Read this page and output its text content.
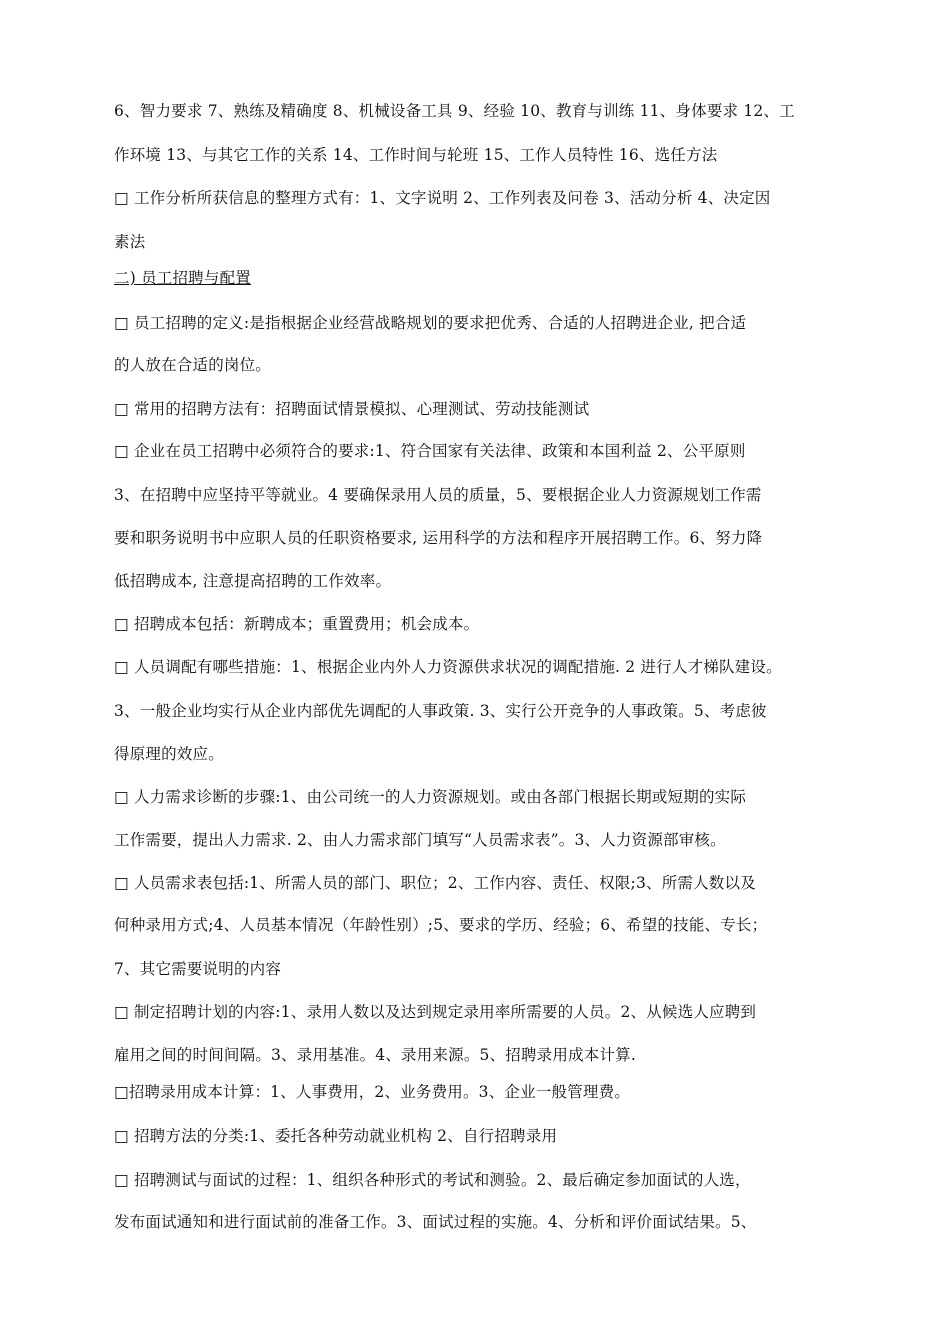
6、智力要求 7、熟练及精确度 8、机械设备工具 9、经验 10、教育与训练 11、身体要求 12、工
作环境 13、与其它工作的关系 14、工作时间与轮班 15、工作人员特性 16、选任方法
□ 工作分析所获信息的整理方式有：1、文字说明 2、工作列表及问卷 3、活动分析 4、决定因
素法
二) 员工招聘与配置
□ 员工招聘的定义:是指根据企业经营战略规划的要求把优秀、合适的人招聘进企业, 把合适
的人放在合适的岗位。
□ 常用的招聘方法有：招聘面试情景模拟、心理测试、劳动技能测试
□ 企业在员工招聘中必须符合的要求:1、符合国家有关法律、政策和本国利益 2、公平原则
3、在招聘中应坚持平等就业。4 要确保录用人员的质量，5、要根据企业人力资源规划工作需
要和职务说明书中应职人员的任职资格要求, 运用科学的方法和程序开展招聘工作。6、努力降
低招聘成本, 注意提高招聘的工作效率。
□ 招聘成本包括：新聘成本；重置费用；机会成本。
□ 人员调配有哪些措施：1、根据企业内外人力资源供求状况的调配措施. 2 进行人才梯队建设。
3、一般企业均实行从企业内部优先调配的人事政策. 3、实行公开竞争的人事政策。5、考虑彼
得原理的效应。
□ 人力需求诊断的步骤:1、由公司统一的人力资源规划。或由各部门根据长期或短期的实际
工作需要，提出人力需求. 2、由人力需求部门填写“人员需求表”。3、人力资源部审核。
□ 人员需求表包括:1、所需人员的部门、职位；2、工作内容、责任、权限;3、所需人数以及
何种录用方式;4、人员基本情况（年龄性别）;5、要求的学历、经验；6、希望的技能、专长；
7、其它需要说明的内容
□ 制定招聘计划的内容:1、录用人数以及达到规定录用率所需要的人员。2、从候选人应聘到
雇用之间的时间间隔。3、录用基准。4、录用来源。5、招聘录用成本计算.
□招聘录用成本计算：1、人事费用，2、业务费用。3、企业一般管理费。
□ 招聘方法的分类:1、委托各种劳动就业机构 2、自行招聘录用
□ 招聘测试与面试的过程：1、组织各种形式的考试和测验。2、最后确定参加面试的人选，
发布面试通知和进行面试前的准备工作。3、面试过程的实施。4、分析和评价面试结果。5、
